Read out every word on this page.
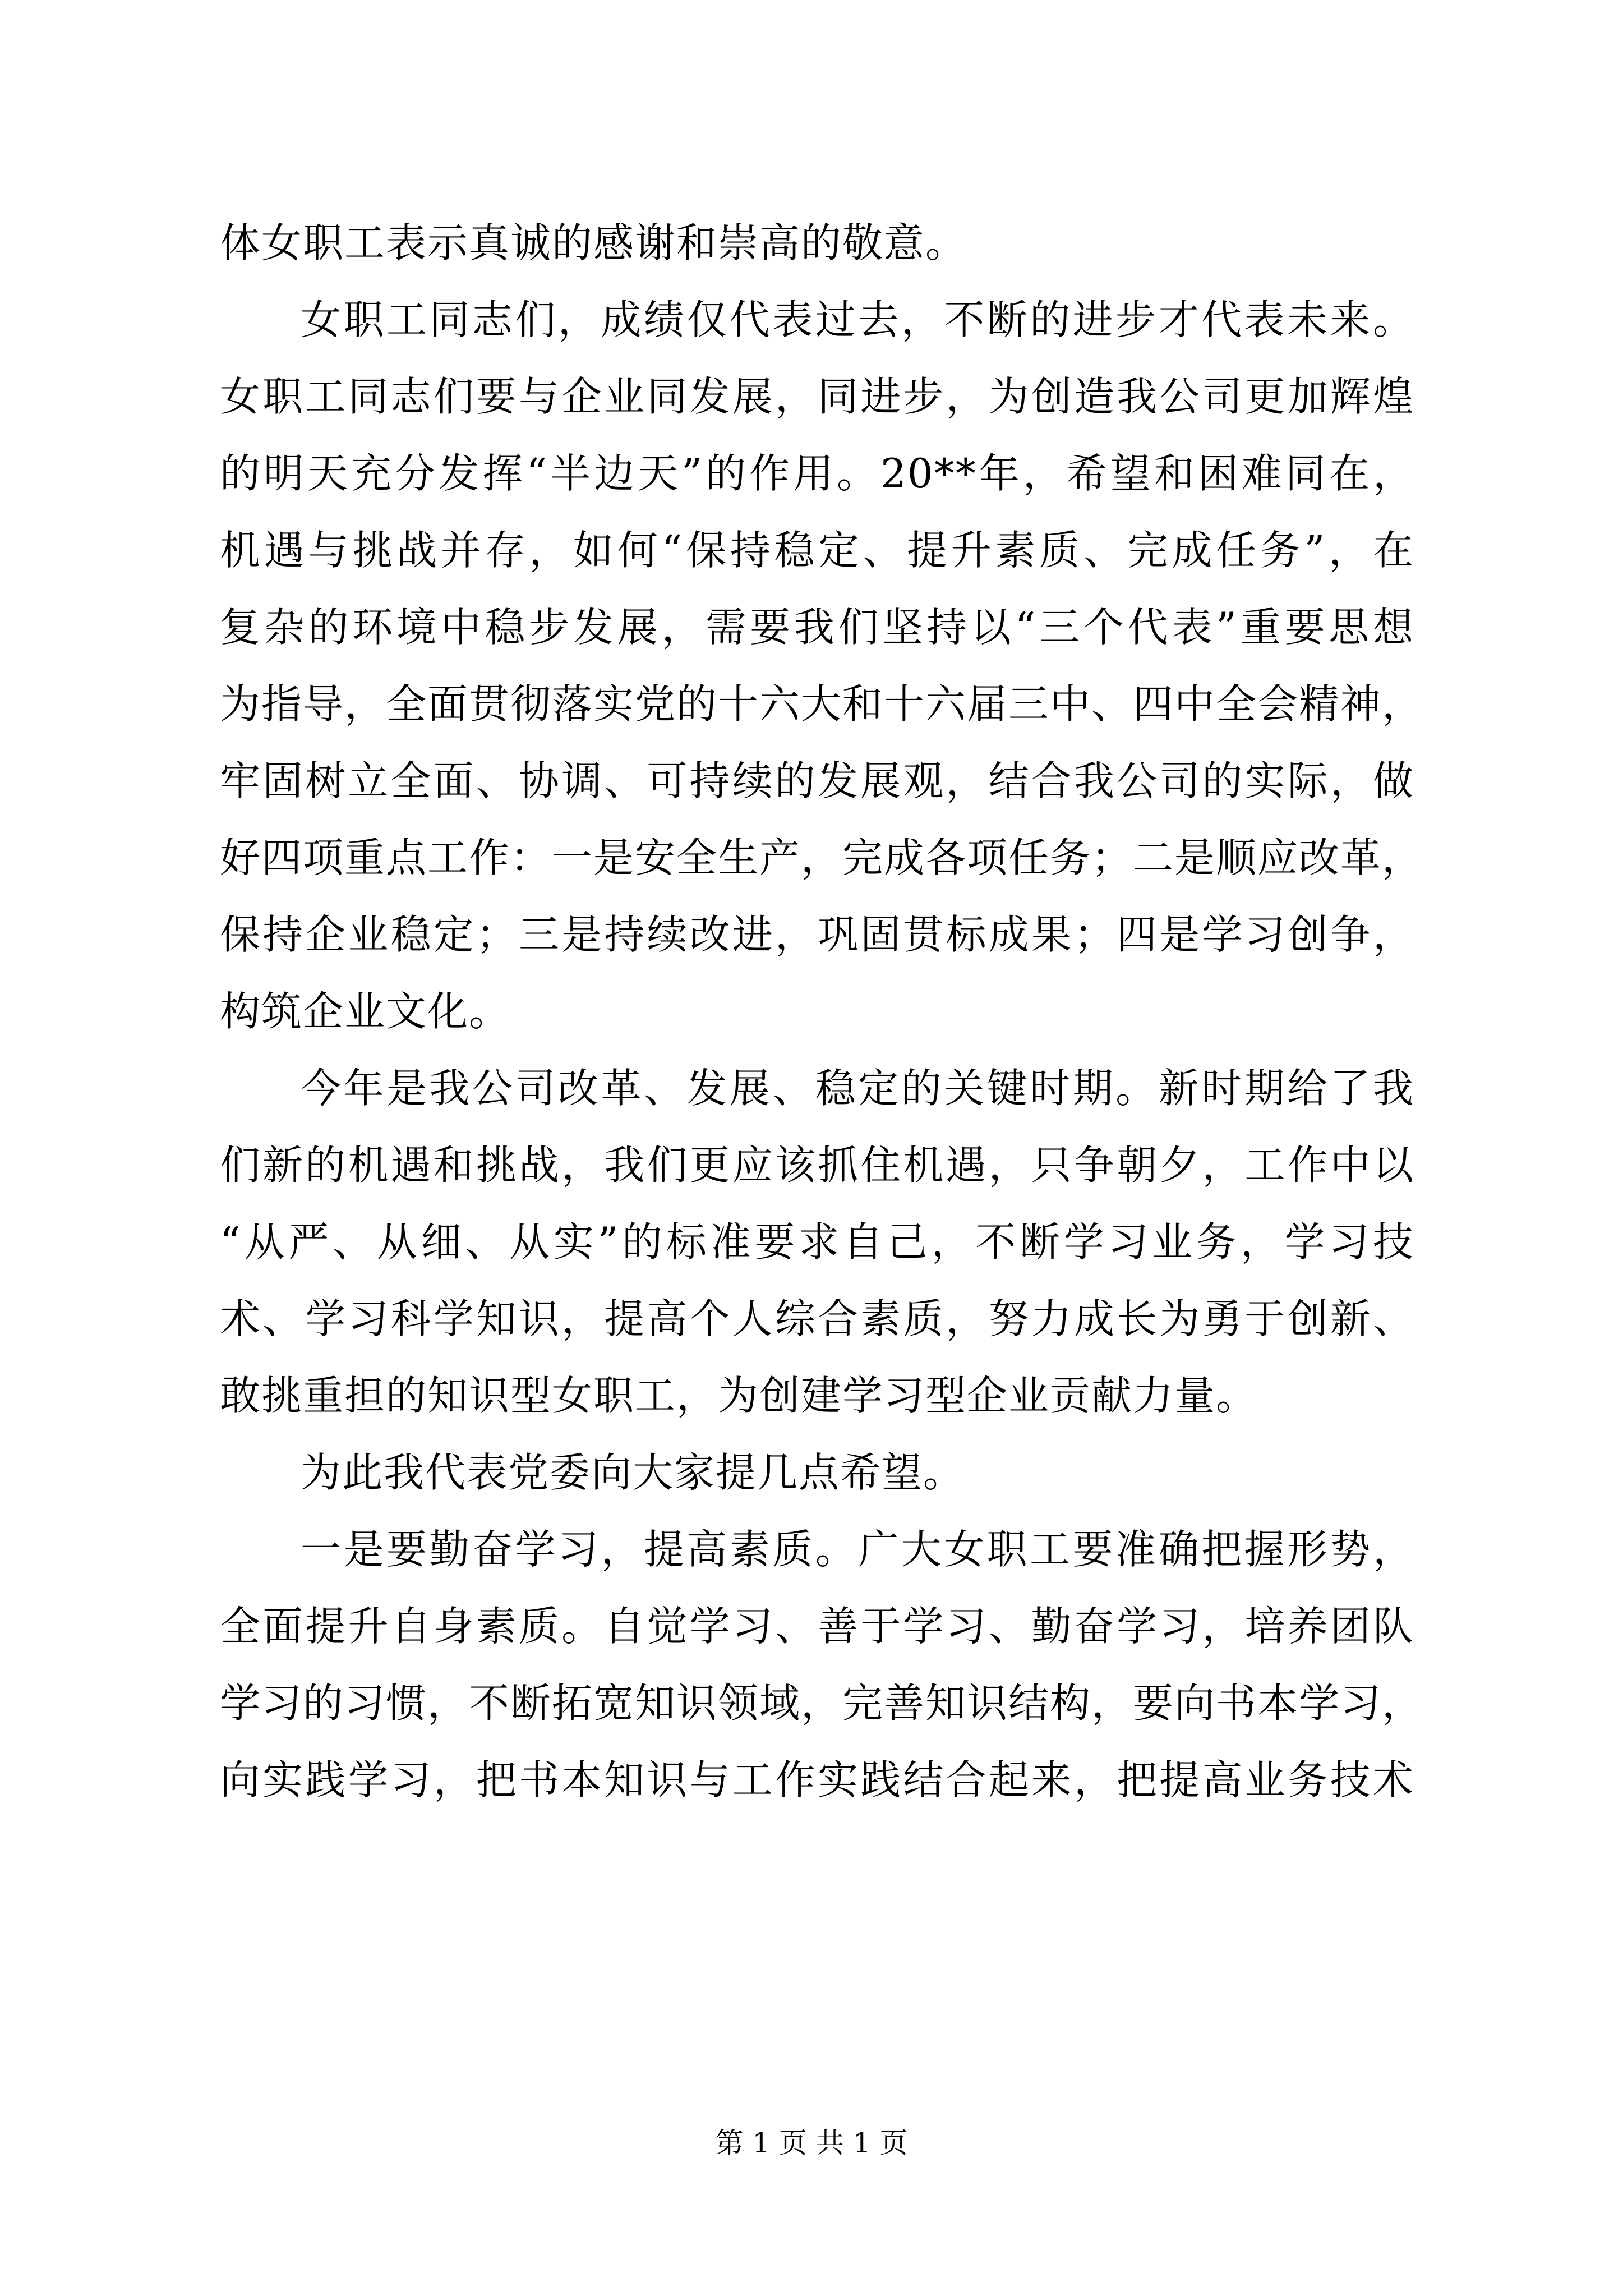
体女职工表示真诚的感谢和崇高的敬意。
女职工同志们，成绩仅代表过去，不断的进步才代表未来。
女职工同志们要与企业同发展，同进步，为创造我公司更加辉煌
的明天充分发挥“半边天”的作用。20**年，希望和困难同在，
机遇与挑战并存，如何“保持稳定、提升素质、完成任务”，在
复杂的环境中稳步发展，需要我们坚持以“三个代表”重要思想
为指导，全面贯彻落实党的十六大和十六届三中、四中全会精神，
牢固树立全面、协调、可持续的发展观，结合我公司的实际，做
好四项重点工作：一是安全生产，完成各项任务；二是顺应改革，
保持企业稳定；三是持续改进，巩固贯标成果；四是学习创争，
构筑企业文化。
今年是我公司改革、发展、稳定的关键时期。新时期给了我
们新的机遇和挑战，我们更应该抓住机遇，只争朝夕，工作中以
“从严、从细、从实”的标准要求自己，不断学习业务，学习技
术、学习科学知识，提高个人综合素质，努力成长为勇于创新、
敢挑重担的知识型女职工，为创建学习型企业贡献力量。
为此我代表党委向大家提几点希望。
一是要勤奋学习，提高素质。广大女职工要准确把握形势，
全面提升自身素质。自觉学习、善于学习、勤奋学习，培养团队
学习的习惯，不断拓宽知识领域，完善知识结构，要向书本学习，
向实践学习，把书本知识与工作实践结合起来，把提高业务技术
第 1 页 共 1 页
